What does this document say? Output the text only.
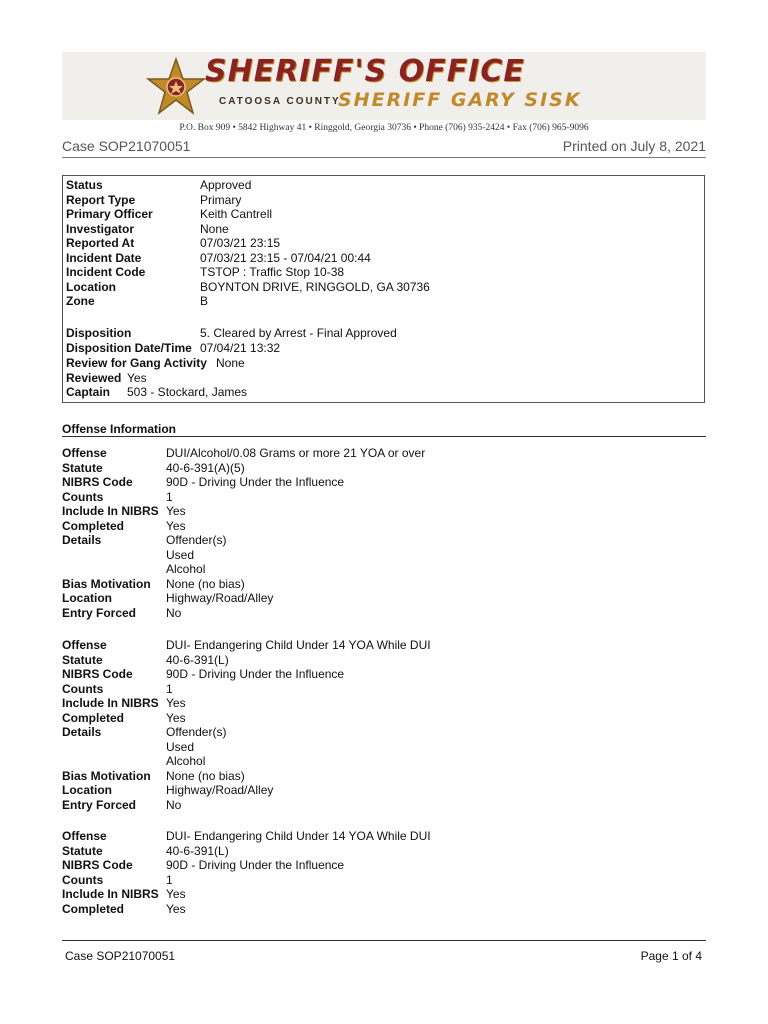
SHERIFF'S OFFICE
CATOOSA COUNTY
SHERIFF GARY SISK
P.O. Box 909 • 5842 Highway 41 • Ringgold, Georgia 30736 • Phone (706) 935-2424 • Fax (706) 965-9096
Case SOP21070051	Printed on July 8, 2021
Status	Approved
Report Type	Primary
Primary Officer	Keith Cantrell
Investigator	None
Reported At	07/03/21 23:15
Incident Date	07/03/21 23:15 - 07/04/21 00:44
Incident Code	TSTOP : Traffic Stop 10-38
Location	BOYNTON DRIVE, RINGGOLD, GA 30736
Zone	B
Disposition	5. Cleared by Arrest - Final Approved
Disposition Date/Time 07/04/21 13:32
Review for Gang Activity None
Reviewed Yes
Captain 503 - Stockard, James
Offense Information
Offense	DUI/Alcohol/0.08 Grams or more 21 YOA or over
Statute	40-6-391(A)(5)
NIBRS Code	90D - Driving Under the Influence
Counts	1
Include In NIBRS Yes
Completed	Yes
Details	Offender(s)
Used
Alcohol
Bias Motivation None (no bias)
Location	Highway/Road/Alley
Entry Forced No
Offense	DUI- Endangering Child Under 14 YOA While DUI
Statute	40-6-391(L)
NIBRS Code	90D - Driving Under the Influence
Counts	1
Include In NIBRS Yes
Completed	Yes
Details	Offender(s)
Used
Alcohol
Bias Motivation None (no bias)
Location	Highway/Road/Alley
Entry Forced No
Offense	DUI- Endangering Child Under 14 YOA While DUI
Statute	40-6-391(L)
NIBRS Code	90D - Driving Under the Influence
Counts	1
Include In NIBRS Yes
Completed	Yes
Case SOP21070051	Page 1 of 4
